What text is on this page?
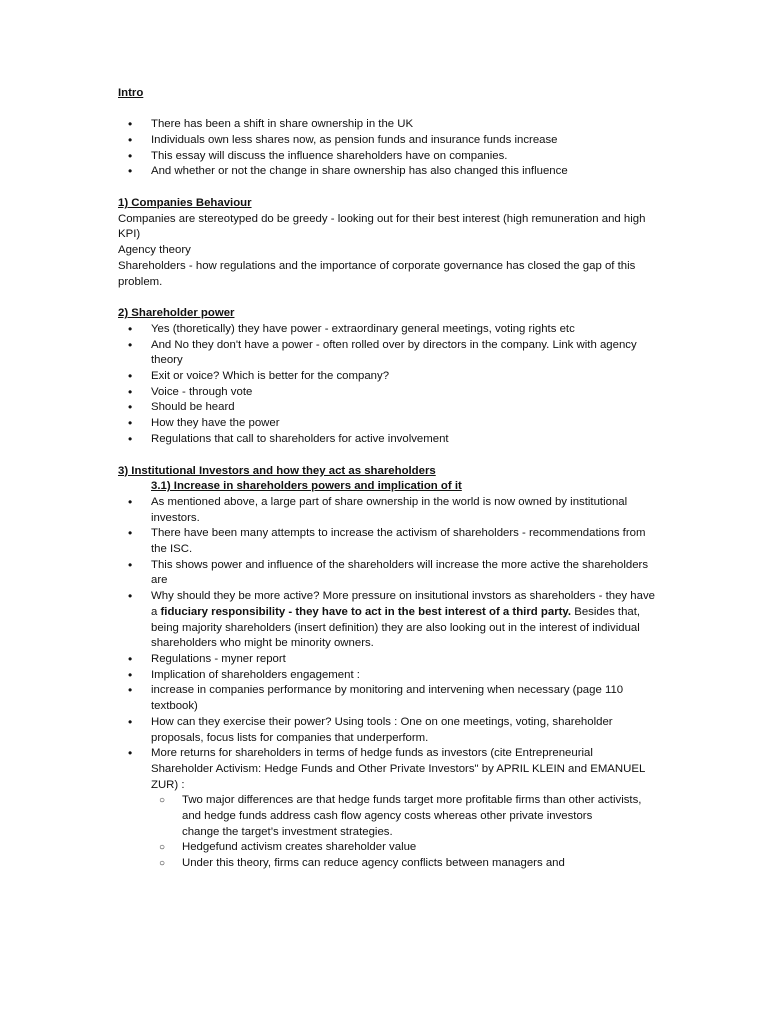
Intro
• There has been a shift in share ownership in the UK
• Individuals own less shares now, as pension funds and insurance funds increase
• This essay will discuss the influence shareholders have on companies.
• And whether or not the change in share ownership has also changed this influence
1) Companies Behaviour
Companies are stereotyped do be greedy - looking out for their best interest (high remuneration and high KPI)
Agency theory
Shareholders - how regulations and the importance of corporate governance has closed the gap of this problem.
2) Shareholder power
• Yes (thoretically) they have power - extraordinary general meetings, voting rights etc
• And No they don't have a power - often rolled over by directors in the company. Link with agency theory
• Exit or voice? Which is better for the company?
• Voice - through vote
• Should be heard
• How they have the power
• Regulations that call to shareholders for active involvement
3) Institutional Investors and how they act as shareholders
3.1) Increase in shareholders powers and implication of it
• As mentioned above, a large part of share ownership in the world is now owned by institutional investors.
• There have been many attempts to increase the activism of shareholders - recommendations from the ISC.
• This shows power and influence of the shareholders will increase the more active the shareholders are
• Why should they be more active? More pressure on insitutional invstors as shareholders - they have a fiduciary responsibility - they have to act in the best interest of a third party. Besides that, being majority shareholders (insert definition) they are also looking out in the interest of individual shareholders who might be minority owners.
• Regulations - myner report
• Implication of shareholders engagement :
• increase in companies performance by monitoring and intervening when necessary (page 110 textbook)
• How can they exercise their power? Using tools : One on one meetings, voting, shareholder proposals, focus lists for companies that underperform.
• More returns for shareholders in terms of hedge funds as investors (cite Entrepreneurial Shareholder Activism: Hedge Funds and Other Private Investors" by APRIL KLEIN and EMANUEL ZUR) :
○ Two major differences are that hedge funds target more profitable firms than other activists,
and hedge funds address cash flow agency costs whereas other private investors
change the target’s investment strategies.
○ Hedgefund activism creates shareholder value
○ Under this theory, firms can reduce agency conflicts between managers and
